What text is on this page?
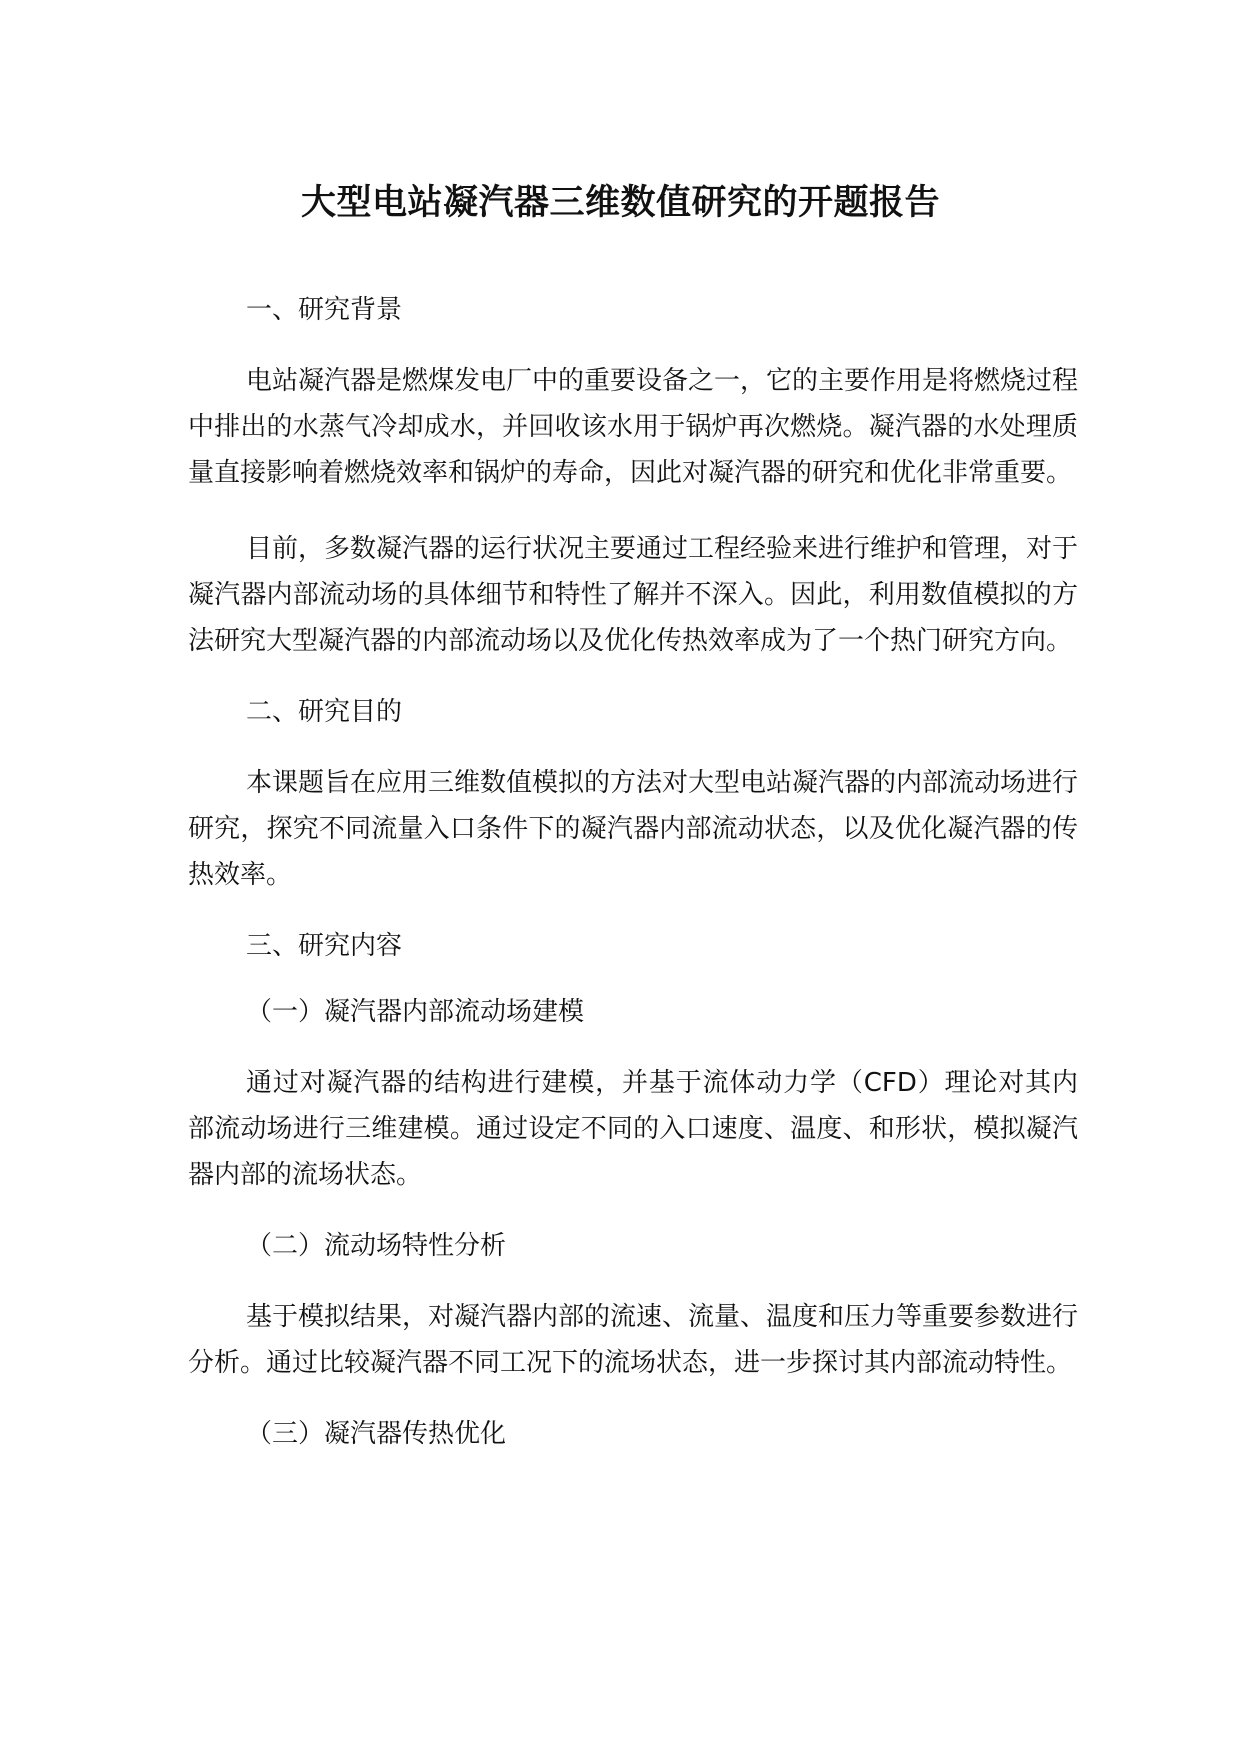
大型电站凝汽器三维数值研究的开题报告
一、研究背景

电站凝汽器是燃煤发电厂中的重要设备之一，它的主要作用是将燃烧过程中排出的水蒸气冷却成水，并回收该水用于锅炉再次燃烧。凝汽器的水处理质量直接影响着燃烧效率和锅炉的寿命，因此对凝汽器的研究和优化非常重要。

目前，多数凝汽器的运行状况主要通过工程经验来进行维护和管理，对于凝汽器内部流动场的具体细节和特性了解并不深入。因此，利用数值模拟的方法研究大型凝汽器的内部流动场以及优化传热效率成为了一个热门研究方向。

二、研究目的

本课题旨在应用三维数值模拟的方法对大型电站凝汽器的内部流动场进行研究，探究不同流量入口条件下的凝汽器内部流动状态，以及优化凝汽器的传热效率。

三、研究内容
（一）凝汽器内部流动场建模

通过对凝汽器的结构进行建模，并基于流体动力学（CFD）理论对其内部流动场进行三维建模。通过设定不同的入口速度、温度、和形状，模拟凝汽器内部的流场状态。

（二）流动场特性分析

基于模拟结果，对凝汽器内部的流速、流量、温度和压力等重要参数进行分析。通过比较凝汽器不同工况下的流场状态，进一步探讨其内部流动特性。

（三）凝汽器传热优化
